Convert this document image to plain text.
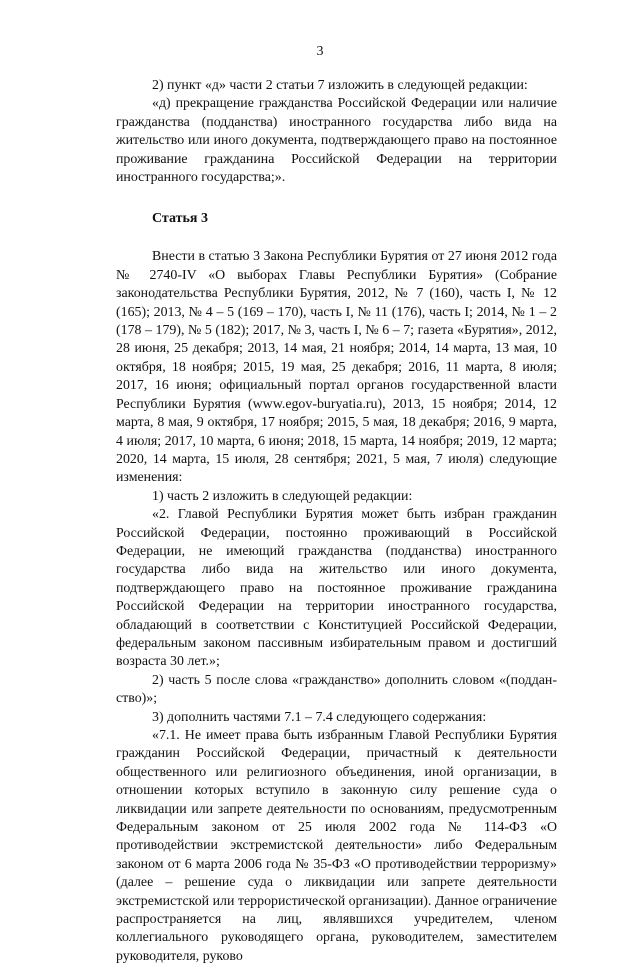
3

2) пункт «д» части 2 статьи 7 изложить в следующей редакции:

«д) прекращение гражданства Российской Федерации или наличие гражданства (подданства) иностранного государства либо вида на жительство или иного документа, подтверждающего право на постоянное проживание гражданина Российской Федерации на территории иностранного государства;».

Статья 3

Внести в статью 3 Закона Республики Бурятия от 27 июня 2012 года № 2740-IV «О выборах Главы Республики Бурятия» (Собрание законодательства Республики Бурятия, 2012, № 7 (160), часть I, № 12 (165); 2013, № 4 – 5 (169 – 170), часть I, № 11 (176), часть I; 2014, № 1 – 2 (178 – 179), № 5 (182); 2017, № 3, часть I, № 6 – 7; газета «Бурятия», 2012, 28 июня, 25 декабря; 2013, 14 мая, 21 ноября; 2014, 14 марта, 13 мая, 10 октября, 18 ноября; 2015, 19 мая, 25 декабря; 2016, 11 марта, 8 июля; 2017, 16 июня; официальный портал органов государственной власти Республики Бурятия (www.egov-buryatia.ru), 2013, 15 ноября; 2014, 12 марта, 8 мая, 9 октября, 17 ноября; 2015, 5 мая, 18 декабря; 2016, 9 марта, 4 июля; 2017, 10 марта, 6 июня; 2018, 15 марта, 14 ноября; 2019, 12 марта; 2020, 14 марта, 15 июля, 28 сентября; 2021, 5 мая, 7 июля) следующие изменения:

1) часть 2 изложить в следующей редакции:

«2. Главой Республики Бурятия может быть избран гражданин Российской Федерации, постоянно проживающий в Российской Федерации, не имеющий гражданства (подданства) иностранного государства либо вида на жительство или иного документа, подтверждающего право на постоянное проживание гражданина Российской Федерации на территории иностранного государства, обладающий в соответствии с Конституцией Российской Федерации, федеральным законом пассивным избирательным правом и достигший возраста 30 лет.»;

2) часть 5 после слова «гражданство» дополнить словом «(подданство)»;

3) дополнить частями 7.1 – 7.4 следующего содержания:

«7.1. Не имеет права быть избранным Главой Республики Бурятия гражданин Российской Федерации, причастный к деятельности общественного или религиозного объединения, иной организации, в отношении которых вступило в законную силу решение суда о ликвидации или запрете деятельности по основаниям, предусмотренным Федеральным законом от 25 июля 2002 года № 114-ФЗ «О противодействии экстремистской деятельности» либо Федеральным законом от 6 марта 2006 года № 35-ФЗ «О противодействии терроризму» (далее – решение суда о ликвидации или запрете деятельности экстремистской или террористической организации). Данное ограничение распространяется на лиц, являвшихся учредителем, членом коллегиального руководящего органа, руководителем, заместителем руководителя, руково
